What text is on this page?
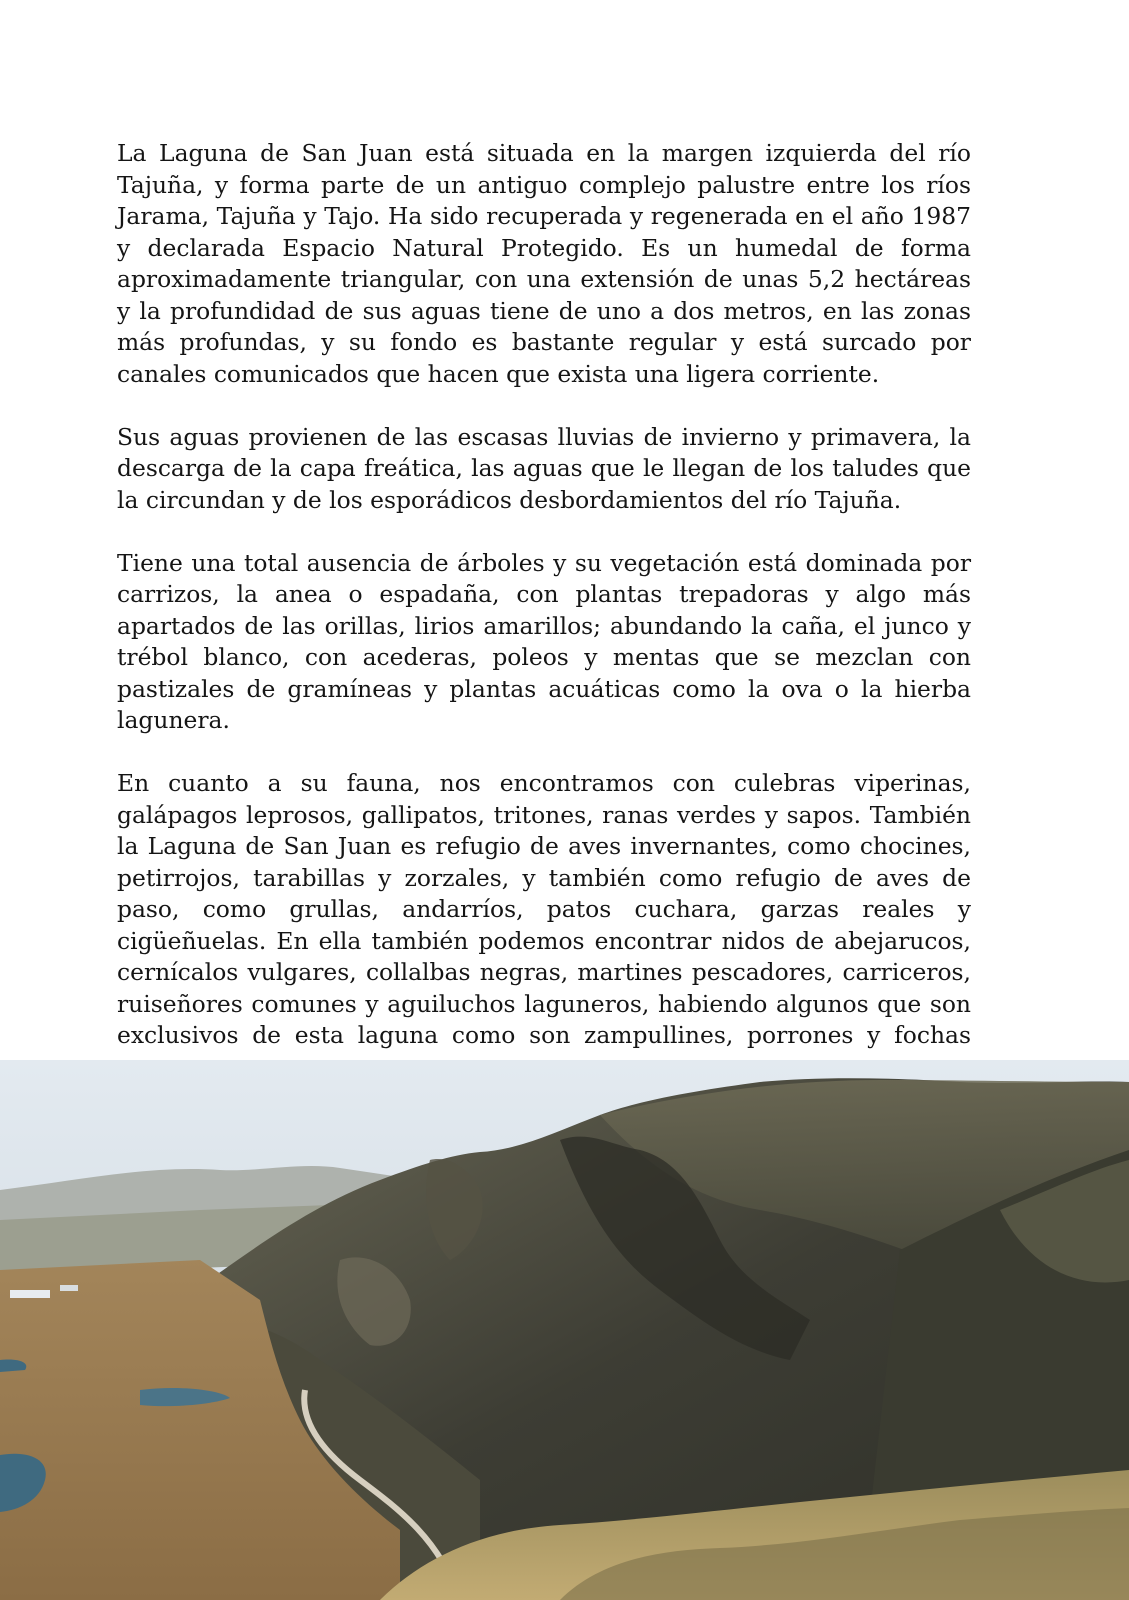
La Laguna de San Juan está situada en la margen izquierda del río Tajuña, y forma parte de un antiguo complejo palustre entre los ríos Jarama, Tajuña y Tajo. Ha sido recuperada y regenerada en el año 1987 y declarada Espacio Natural Protegido. Es un humedal de forma aproximadamente triangular, con una extensión de unas 5,2 hectáreas y la profundidad de sus aguas tiene de uno a dos metros, en las zonas más profundas, y su fondo es bastante regular y está surcado por canales comunicados que hacen que exista una ligera corriente.

Sus aguas provienen de las escasas lluvias de invierno y primavera, la descarga de la capa freática, las aguas que le llegan de los taludes que la circundan y de los esporádicos desbordamientos del río Tajuña.

Tiene una total ausencia de árboles y su vegetación está dominada por carrizos, la anea o espadaña, con plantas trepadoras y algo más apartados de las orillas, lirios amarillos; abundando la caña, el junco y trébol blanco, con acederas, poleos y mentas que se mezclan con pastizales de gramíneas y plantas acuáticas como la ova o la hierba lagunera.

En cuanto a su fauna, nos encontramos con culebras viperinas, galápagos leprosos, gallipatos, tritones, ranas verdes y sapos. También la Laguna de San Juan es refugio de aves invernantes, como chocines, petirrojos, tarabillas y zorzales, y también como refugio de aves de paso, como grullas, andarríos, patos cuchara, garzas reales y cigüeñuelas. En ella también podemos encontrar nidos de abejarucos, cernícalos vulgares, collalbas negras, martines pescadores, carriceros, ruiseñores comunes y aguiluchos laguneros, habiendo algunos que son exclusivos de esta laguna como son zampullines, porrones y fochas
